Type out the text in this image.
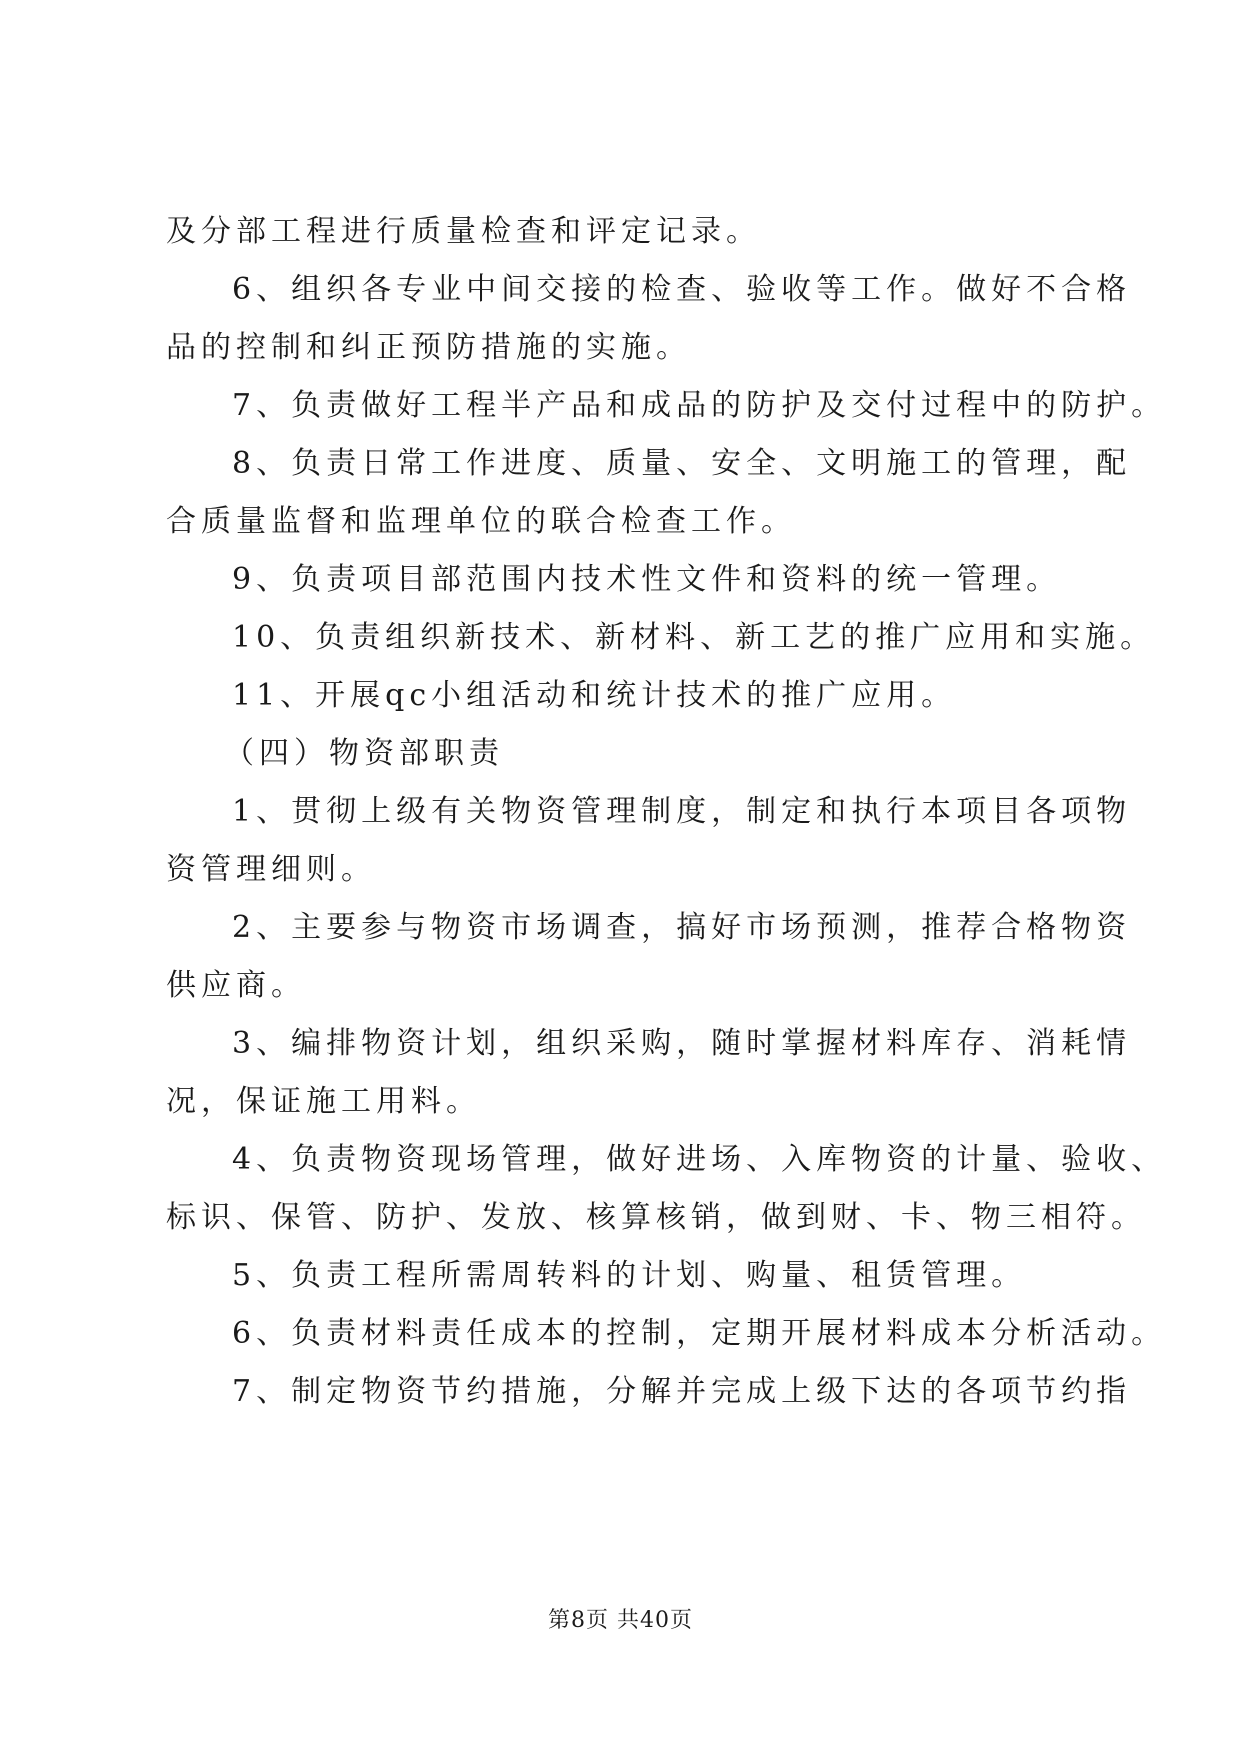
及分部工程进行质量检查和评定记录。
6、组织各专业中间交接的检查、验收等工作。做好不合格
品的控制和纠正预防措施的实施。
7、负责做好工程半产品和成品的防护及交付过程中的防护。
8、负责日常工作进度、质量、安全、文明施工的管理，配
合质量监督和监理单位的联合检查工作。
9、负责项目部范围内技术性文件和资料的统一管理。
10、负责组织新技术、新材料、新工艺的推广应用和实施。
11、开展qc小组活动和统计技术的推广应用。
（四）物资部职责
1、贯彻上级有关物资管理制度，制定和执行本项目各项物
资管理细则。
2、主要参与物资市场调查，搞好市场预测，推荐合格物资
供应商。
3、编排物资计划，组织采购，随时掌握材料库存、消耗情
况，保证施工用料。
4、负责物资现场管理，做好进场、入库物资的计量、验收、
标识、保管、防护、发放、核算核销，做到财、卡、物三相符。
5、负责工程所需周转料的计划、购量、租赁管理。
6、负责材料责任成本的控制，定期开展材料成本分析活动。
7、制定物资节约措施，分解并完成上级下达的各项节约指
第8页 共40页
